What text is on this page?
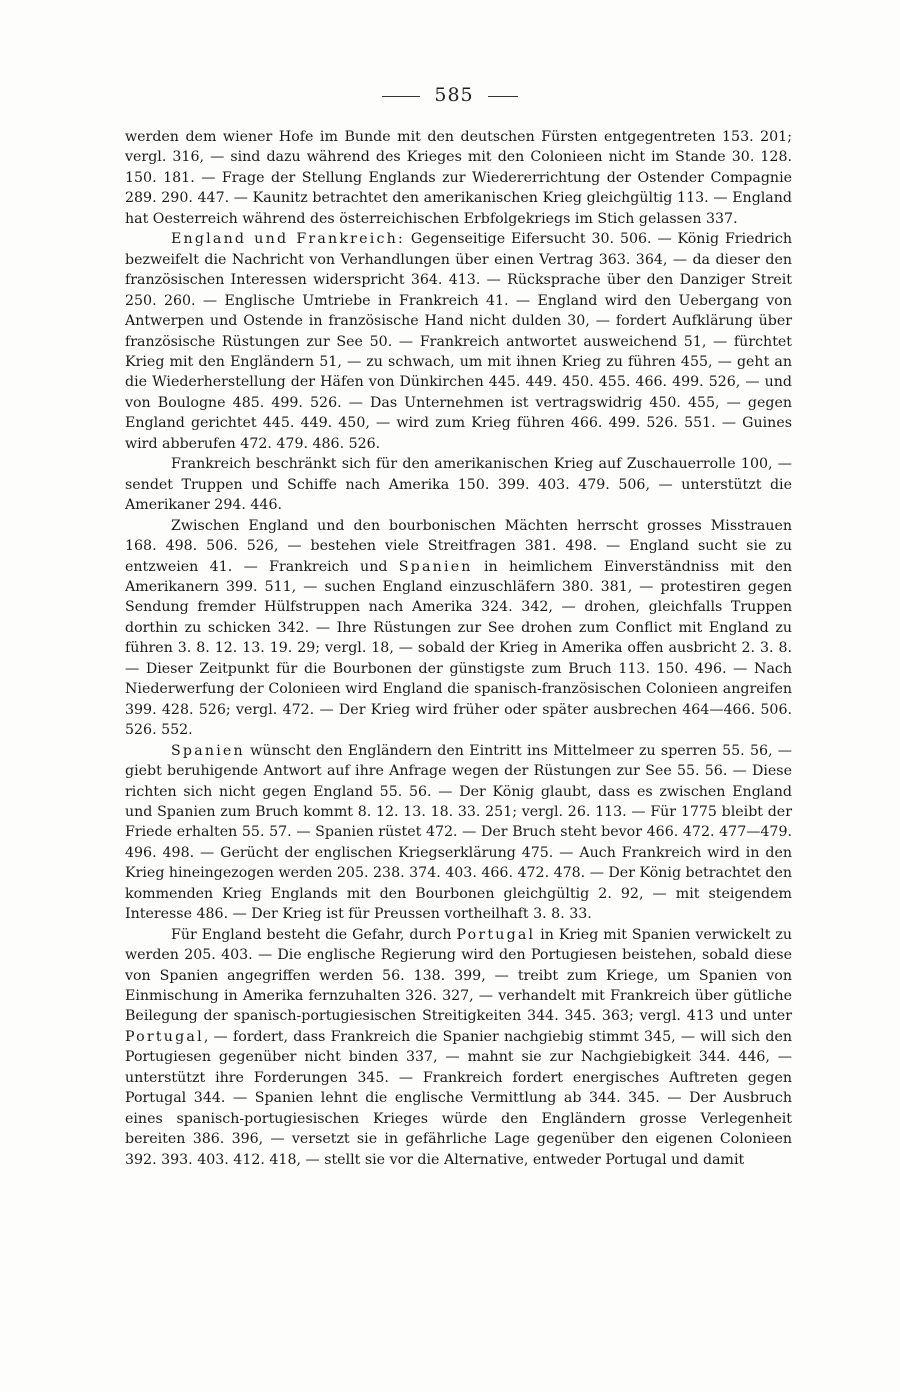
585

werden dem wiener Hofe im Bunde mit den deutschen Fürsten entgegentreten 153. 201; vergl. 316, — sind dazu während des Krieges mit den Colonieen nicht im Stande 30. 128. 150. 181. — Frage der Stellung Englands zur Wiedererrichtung der Ostender Compagnie 289. 290. 447. — Kaunitz betrachtet den amerikanischen Krieg gleichgültig 113. — England hat Oesterreich während des österreichischen Erbfolgekriegs im Stich gelassen 337.

England und Frankreich: Gegenseitige Eifersucht 30. 506. — König Friedrich bezweifelt die Nachricht von Verhandlungen über einen Vertrag 363. 364, — da dieser den französischen Interessen widerspricht 364. 413. — Rücksprache über den Danziger Streit 250. 260. — Englische Umtriebe in Frankreich 41. — England wird den Uebergang von Antwerpen und Ostende in französische Hand nicht dulden 30, — fordert Aufklärung über französische Rüstungen zur See 50. — Frankreich antwortet ausweichend 51, — fürchtet Krieg mit den Engländern 51, — zu schwach, um mit ihnen Krieg zu führen 455, — geht an die Wiederherstellung der Häfen von Dünkirchen 445. 449. 450. 455. 466. 499. 526, — und von Boulogne 485. 499. 526. — Das Unternehmen ist vertragswidrig 450. 455, — gegen England gerichtet 445. 449. 450, — wird zum Krieg führen 466. 499. 526. 551. — Guines wird abberufen 472. 479. 486. 526.

Frankreich beschränkt sich für den amerikanischen Krieg auf Zuschauerrolle 100, — sendet Truppen und Schiffe nach Amerika 150. 399. 403. 479. 506, — unterstützt die Amerikaner 294. 446.

Zwischen England und den bourbonischen Mächten herrscht grosses Misstrauen 168. 498. 506. 526, — bestehen viele Streitfragen 381. 498. — England sucht sie zu entzweien 41. — Frankreich und Spanien in heimlichem Einverständniss mit den Amerikanern 399. 511, — suchen England einzuschläfern 380. 381, — protestiren gegen Sendung fremder Hülfstruppen nach Amerika 324. 342, — drohen, gleichfalls Truppen dorthin zu schicken 342. — Ihre Rüstungen zur See drohen zum Conflict mit England zu führen 3. 8. 12. 13. 19. 29; vergl. 18, — sobald der Krieg in Amerika offen ausbricht 2. 3. 8. — Dieser Zeitpunkt für die Bourbonen der günstigste zum Bruch 113. 150. 496. — Nach Niederwerfung der Colonieen wird England die spanisch-französischen Colonieen angreifen 399. 428. 526; vergl. 472. — Der Krieg wird früher oder später ausbrechen 464—466. 506. 526. 552.

Spanien wünscht den Engländern den Eintritt ins Mittelmeer zu sperren 55. 56, — giebt beruhigende Antwort auf ihre Anfrage wegen der Rüstungen zur See 55. 56. — Diese richten sich nicht gegen England 55. 56. — Der König glaubt, dass es zwischen England und Spanien zum Bruch kommt 8. 12. 13. 18. 33. 251; vergl. 26. 113. — Für 1775 bleibt der Friede erhalten 55. 57. — Spanien rüstet 472. — Der Bruch steht bevor 466. 472. 477—479. 496. 498. — Gerücht der englischen Kriegserklärung 475. — Auch Frankreich wird in den Krieg hineingezogen werden 205. 238. 374. 403. 466. 472. 478. — Der König betrachtet den kommenden Krieg Englands mit den Bourbonen gleichgültig 2. 92, — mit steigendem Interesse 486. — Der Krieg ist für Preussen vortheilhaft 3. 8. 33.

Für England besteht die Gefahr, durch Portugal in Krieg mit Spanien verwickelt zu werden 205. 403. — Die englische Regierung wird den Portugiesen beistehen, sobald diese von Spanien angegriffen werden 56. 138. 399, — treibt zum Kriege, um Spanien von Einmischung in Amerika fernzuhalten 326. 327, — verhandelt mit Frankreich über gütliche Beilegung der spanisch-portugiesischen Streitigkeiten 344. 345. 363; vergl. 413 und unter Portugal, — fordert, dass Frankreich die Spanier nachgiebig stimmt 345, — will sich den Portugiesen gegenüber nicht binden 337, — mahnt sie zur Nachgiebigkeit 344. 446, — unterstützt ihre Forderungen 345. — Frankreich fordert energisches Auftreten gegen Portugal 344. — Spanien lehnt die englische Vermittlung ab 344. 345. — Der Ausbruch eines spanisch-portugiesischen Krieges würde den Engländern grosse Verlegenheit bereiten 386. 396, — versetzt sie in gefährliche Lage gegenüber den eigenen Colonieen 392. 393. 403. 412. 418, — stellt sie vor die Alternative, entweder Portugal und damit
